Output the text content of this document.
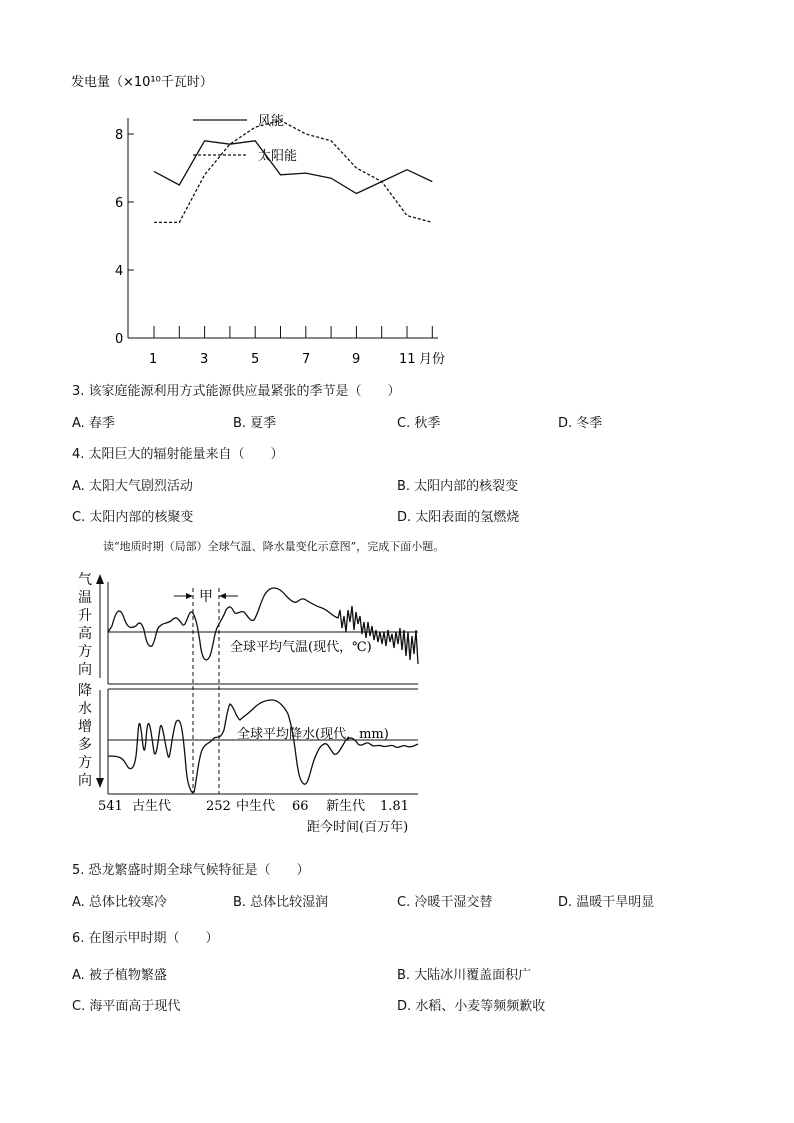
发电量（×10¹⁰千瓦时）
0
4
6
8
1	3	5	7	9	11 月份
风能
太阳能
3. 该家庭能源利用方式能源供应最紧张的季节是（　　）
A. 春季	B. 夏季	C. 秋季	D. 冬季
4. 太阳巨大的辐射能量来自（　　）
A. 太阳大气剧烈活动	B. 太阳内部的核裂变
C. 太阳内部的核聚变	D. 太阳表面的氢燃烧
读“地质时期（局部）全球气温、降水量变化示意图”，完成下面小题。
气
温
升
高
方
向
降
水
增
多
方
向
甲
全球平均气温(现代，℃)
全球平均降水(现代，mm)
541 古生代	252 中生代 66 新生代 1.81
距今时间(百万年)
5. 恐龙繁盛时期全球气候特征是（　　）
A. 总体比较寒冷	B. 总体比较湿润	C. 冷暖干湿交替	D. 温暖干旱明显
6. 在图示甲时期（　　）
A. 被子植物繁盛	B. 大陆冰川覆盖面积广
C. 海平面高于现代	D. 水稻、小麦等频频歉收
